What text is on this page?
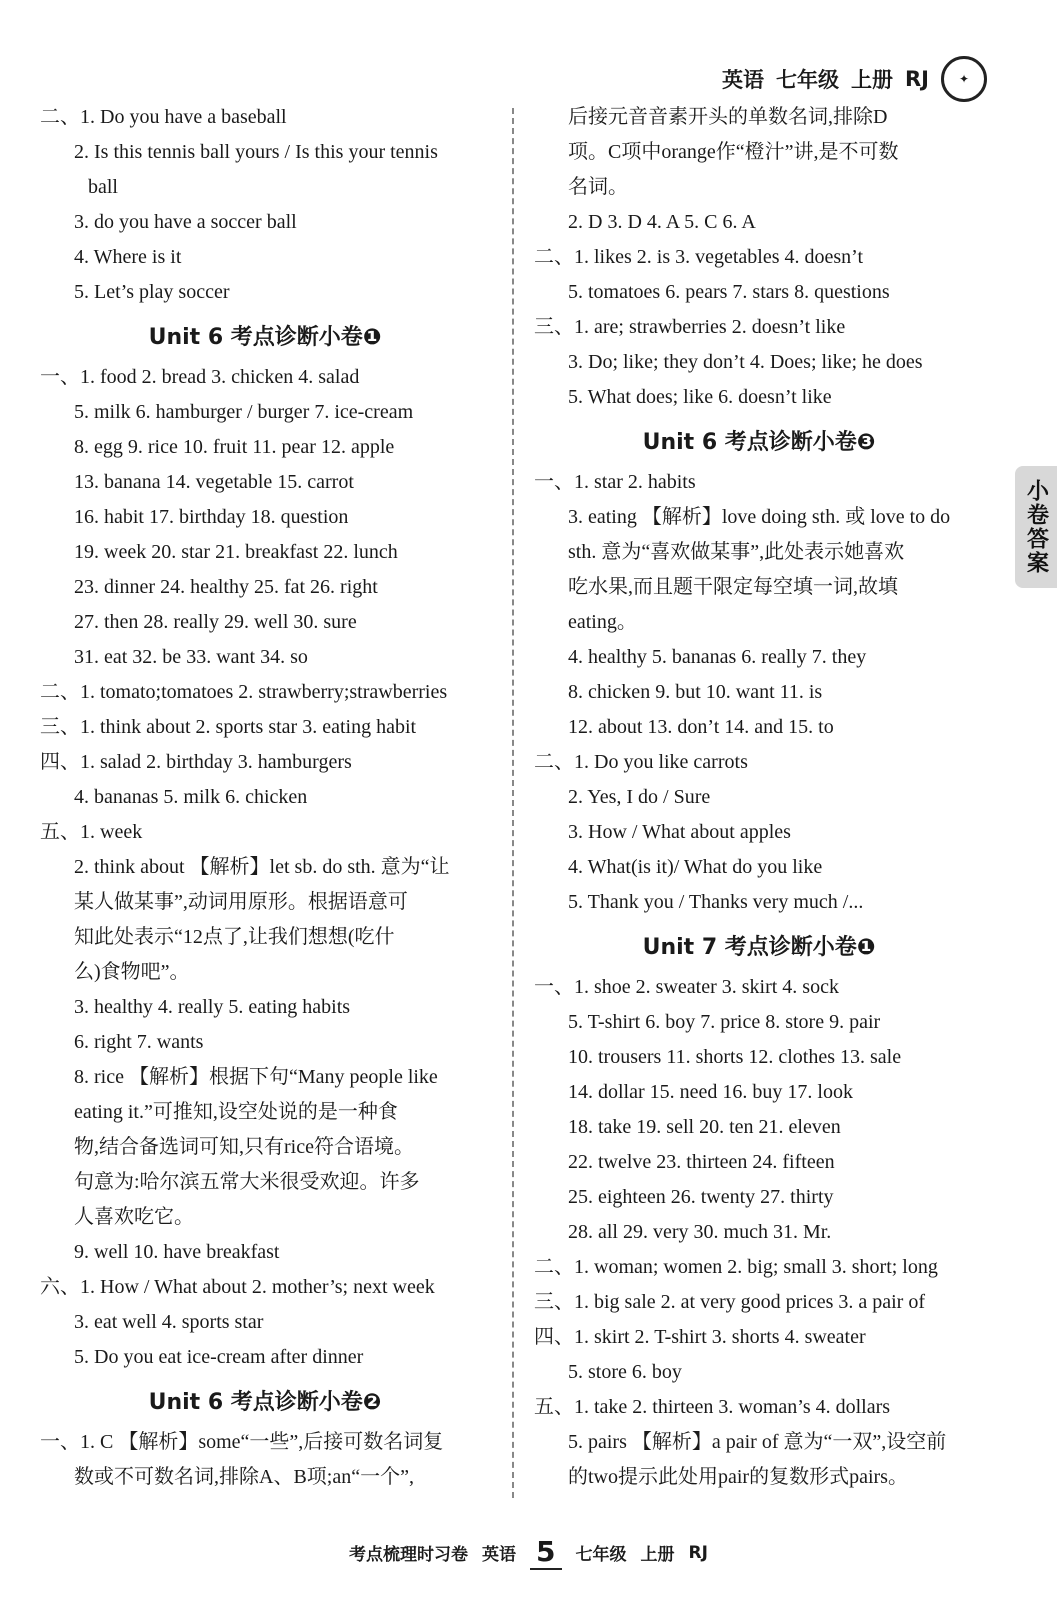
英语 七年级 上册 RJ	✦
小卷答案
二、1. Do you have a baseball
2. Is this tennis ball yours / Is this your tennis
ball
3. do you have a soccer ball
4. Where is it
5. Let’s play soccer
Unit 6 考点诊断小卷❶
一、1. food 2. bread 3. chicken 4. salad
5. milk 6. hamburger / burger 7. ice-cream
8. egg 9. rice 10. fruit 11. pear 12. apple
13. banana 14. vegetable 15. carrot
16. habit 17. birthday 18. question
19. week 20. star 21. breakfast 22. lunch
23. dinner 24. healthy 25. fat 26. right
27. then 28. really 29. well 30. sure
31. eat 32. be 33. want 34. so
二、1. tomato;tomatoes 2. strawberry;strawberries
三、1. think about 2. sports star 3. eating habit
四、1. salad 2. birthday 3. hamburgers
4. bananas 5. milk 6. chicken
五、1. week
2. think about 【解析】let sb. do sth. 意为“让
某人做某事”,动词用原形。根据语意可
知此处表示“12点了,让我们想想(吃什
么)食物吧”。
3. healthy 4. really 5. eating habits
6. right 7. wants
8. rice 【解析】根据下句“Many people like
eating it.”可推知,设空处说的是一种食
物,结合备选词可知,只有rice符合语境。
句意为:哈尔滨五常大米很受欢迎。许多
人喜欢吃它。
9. well 10. have breakfast
六、1. How / What about 2. mother’s; next week
3. eat well 4. sports star
5. Do you eat ice-cream after dinner
Unit 6 考点诊断小卷❷
一、1. C 【解析】some“一些”,后接可数名词复
数或不可数名词,排除A、B项;an“一个”,
后接元音音素开头的单数名词,排除D
项。C项中orange作“橙汁”讲,是不可数
名词。
2. D 3. D 4. A 5. C 6. A
二、1. likes 2. is 3. vegetables 4. doesn’t
5. tomatoes 6. pears 7. stars 8. questions
三、1. are; strawberries 2. doesn’t like
3. Do; like; they don’t 4. Does; like; he does
5. What does; like 6. doesn’t like
Unit 6 考点诊断小卷❸
一、1. star 2. habits
3. eating 【解析】love doing sth. 或 love to do
sth. 意为“喜欢做某事”,此处表示她喜欢
吃水果,而且题干限定每空填一词,故填
eating。
4. healthy 5. bananas 6. really 7. they
8. chicken 9. but 10. want 11. is
12. about 13. don’t 14. and 15. to
二、1. Do you like carrots
2. Yes, I do / Sure
3. How / What about apples
4. What(is it)/ What do you like
5. Thank you / Thanks very much /...
Unit 7 考点诊断小卷❶
一、1. shoe 2. sweater 3. skirt 4. sock
5. T-shirt 6. boy 7. price 8. store 9. pair
10. trousers 11. shorts 12. clothes 13. sale
14. dollar 15. need 16. buy 17. look
18. take 19. sell 20. ten 21. eleven
22. twelve 23. thirteen 24. fifteen
25. eighteen 26. twenty 27. thirty
28. all 29. very 30. much 31. Mr.
二、1. woman; women 2. big; small 3. short; long
三、1. big sale 2. at very good prices 3. a pair of
四、1. skirt 2. T-shirt 3. shorts 4. sweater
5. store 6. boy
五、1. take 2. thirteen 3. woman’s 4. dollars
5. pairs 【解析】a pair of 意为“一双”,设空前
的two提示此处用pair的复数形式pairs。
考点梳理时习卷 英语 5	七年级 上册 RJ
